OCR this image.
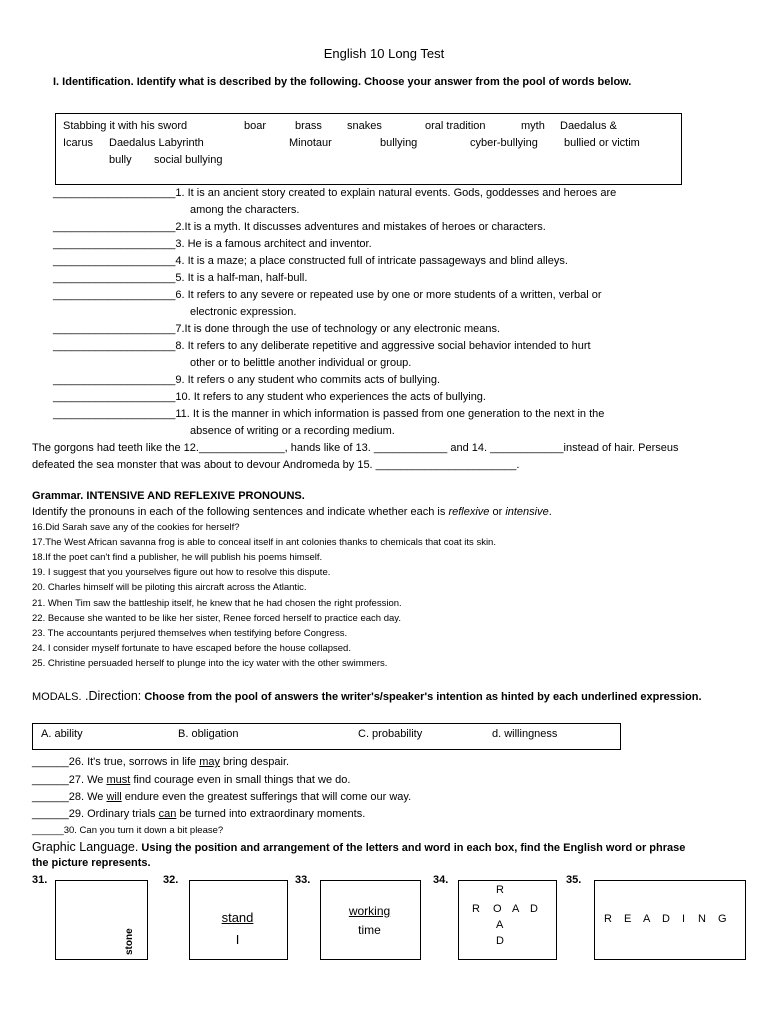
English 10 Long Test
I. Identification. Identify what is described by the following. Choose your answer from the pool of words below.
Stabbing it with his sword	boar	brass snakes	oral tradition	myth Daedalus &
Icarus Daedalus Labyrinth	Minotaur	bullying	cyber-bullying bullied or victim
bully social bullying
____________________1. It is an ancient story created to explain natural events. Gods, goddesses and heroes are
among the characters.
____________________2.It is a myth. It discusses adventures and mistakes of heroes or characters.
____________________3. He is a famous architect and inventor.
____________________4. It is a maze; a place constructed full of intricate passageways and blind alleys.
____________________5. It is a half-man, half-bull.
____________________6. It refers to any severe or repeated use by one or more students of a written, verbal or
electronic expression.
____________________7.It is done through the use of technology or any electronic means.
____________________8. It refers to any deliberate repetitive and aggressive social behavior intended to hurt
other or to belittle another individual or group.
____________________9. It refers o any student who commits acts of bullying.
____________________10. It refers to any student who experiences the acts of bullying.
____________________11. It is the manner in which information is passed from one generation to the next in the
absence of writing or a recording medium.
The gorgons had teeth like the 12.______________, hands like of 13. ____________ and 14. ____________instead of hair. Perseus
defeated the sea monster that was about to devour Andromeda by 15. _______________________.
Grammar. INTENSIVE AND REFLEXIVE PRONOUNS.
Identify the pronouns in each of the following sentences and indicate whether each is reflexive or intensive.
16.Did Sarah save any of the cookies for herself?
17.The West African savanna frog is able to conceal itself in ant colonies thanks to chemicals that coat its skin.
18.If the poet can't find a publisher, he will publish his poems himself.
19. I suggest that you yourselves figure out how to resolve this dispute.
20. Charles himself will be piloting this aircraft across the Atlantic.
21. When Tim saw the battleship itself, he knew that he had chosen the right profession.
22. Because she wanted to be like her sister, Renee forced herself to practice each day.
23. The accountants perjured themselves when testifying before Congress.
24. I consider myself fortunate to have escaped before the house collapsed.
25. Christine persuaded herself to plunge into the icy water with the other swimmers.
MODALS. .Direction: Choose from the pool of answers the writer's/speaker's intention as hinted by each underlined expression.
A. ability	B. obligation	C. probability	d. willingness
______26. It's true, sorrows in life may bring despair.
______27. We must find courage even in small things that we do.
______28. We will endure even the greatest sufferings that will come our way.
______29. Ordinary trials can be turned into extraordinary moments.
______30. Can you turn it down a bit please?
Graphic Language. Using the position and arrangement of the letters and word in each box, find the English word or phrase
the picture represents.
31.	32.	33.	34.	35.
stone
stand
I
working
time
R
R O A D
A
D
R E A D I N G
